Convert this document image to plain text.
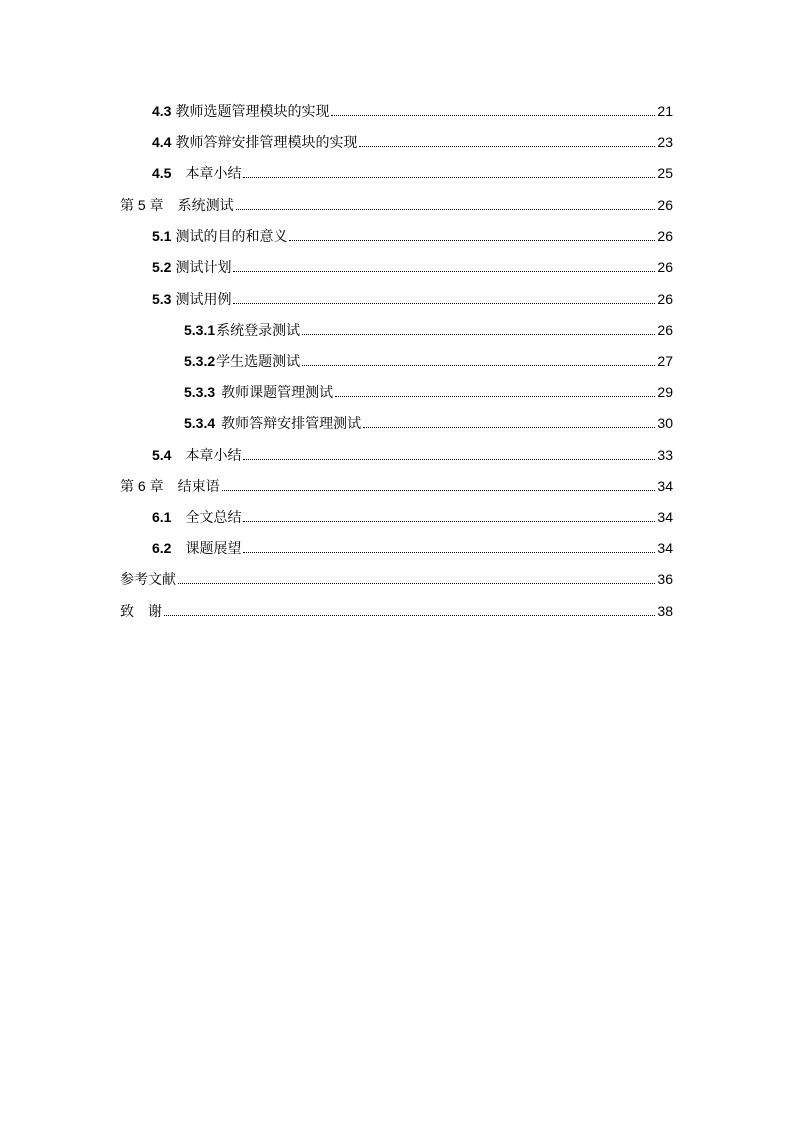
4.3 教师选题管理模块的实现	21
4.4 教师答辩安排管理模块的实现	23
4.5 本章小结	25
第 5 章 系统测试	26
5.1 测试的目的和意义	26
5.2 测试计划	26
5.3 测试用例	26
5.3.1 系统登录测试	26
5.3.2 学生选题测试	27
5.3.3 教师课题管理测试	29
5.3.4 教师答辩安排管理测试	30
5.4 本章小结	33
第 6 章 结束语	34
6.1 全文总结	34
6.2 课题展望	34
参考文献	36
致　谢	38
